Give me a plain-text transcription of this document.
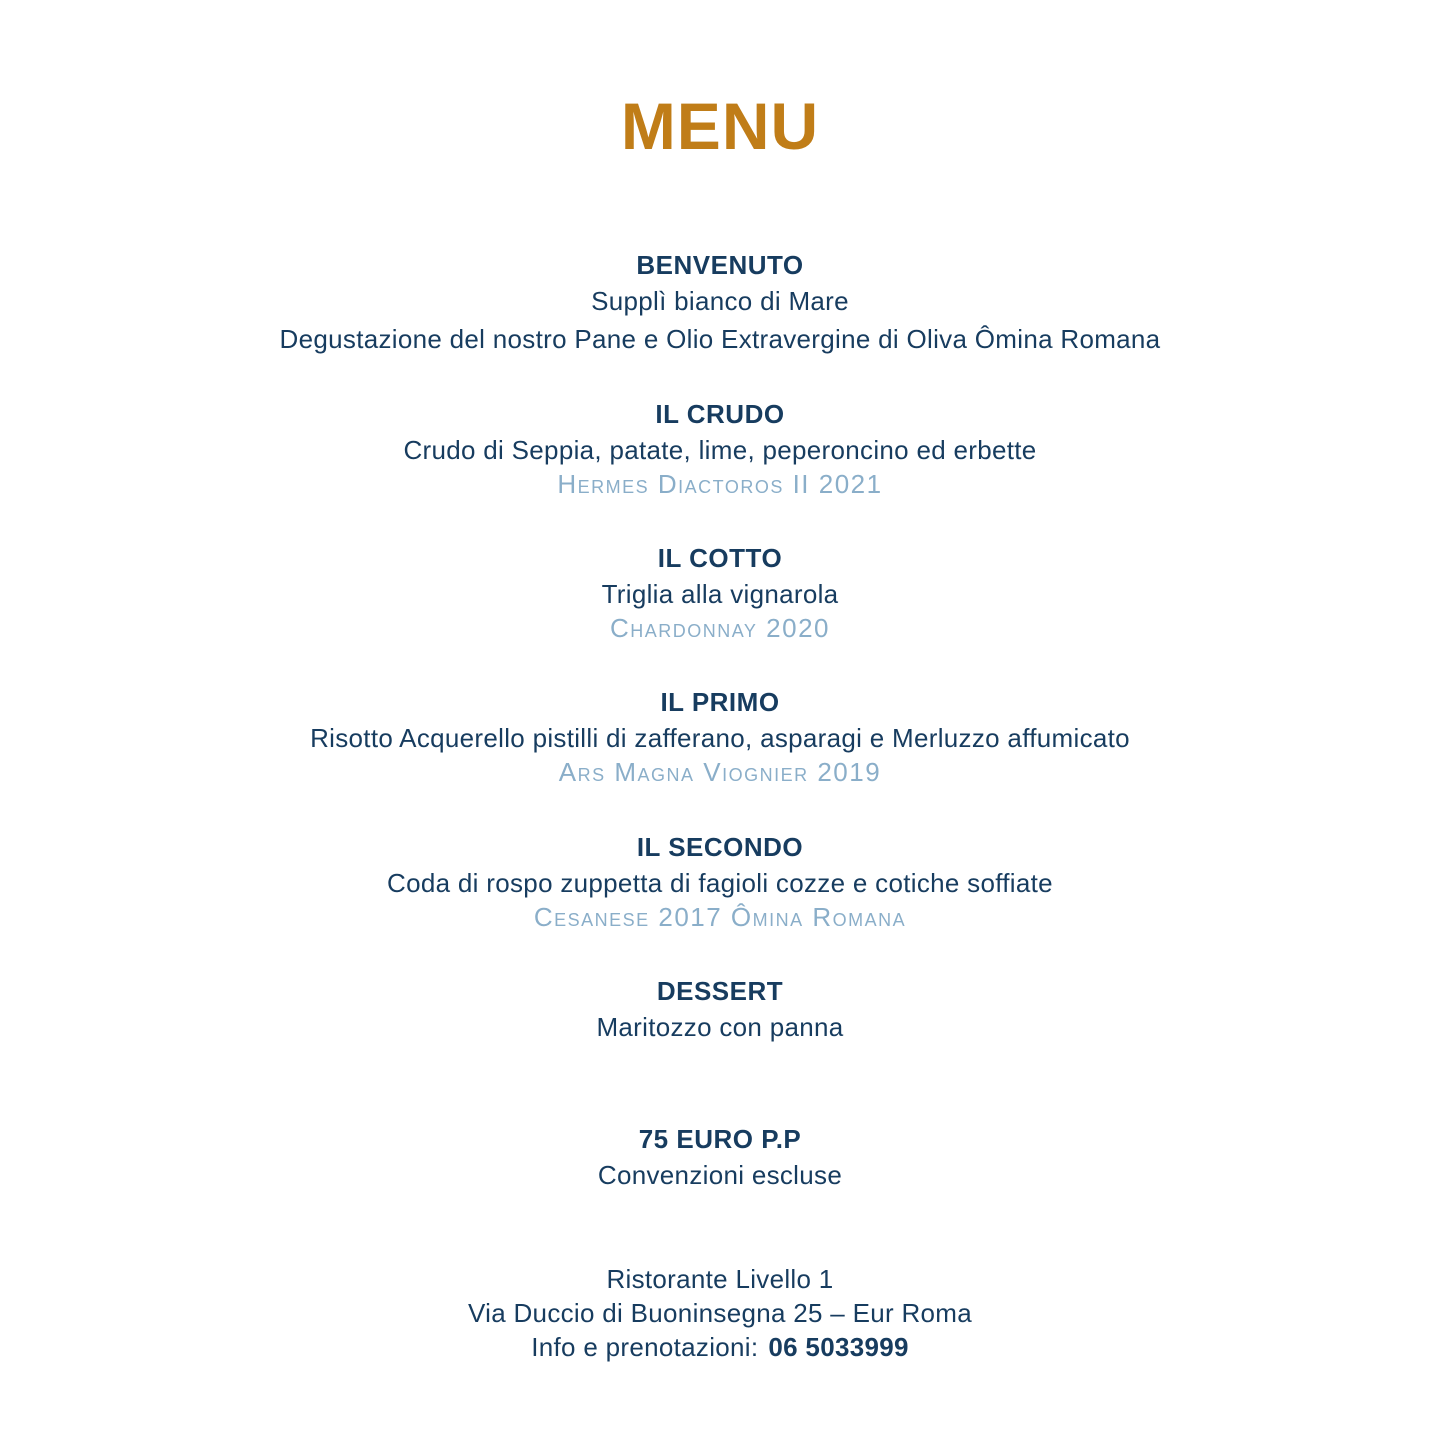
MENU
BENVENUTO
Supplì bianco di Mare
Degustazione del nostro Pane e Olio Extravergine di Oliva Ômina Romana
IL CRUDO
Crudo di Seppia, patate, lime, peperoncino ed erbette
Hermes Diactoros II 2021
IL COTTO
Triglia alla vignarola
Chardonnay 2020
IL PRIMO
Risotto Acquerello pistilli di zafferano, asparagi e Merluzzo affumicato
Ars Magna Viognier 2019
IL SECONDO
Coda di rospo zuppetta di fagioli cozze e cotiche soffiate
Cesanese 2017 Ômina Romana
DESSERT
Maritozzo con panna
75 EURO P.P
Convenzioni escluse
Ristorante Livello 1
Via Duccio di Buoninsegna 25 – Eur Roma
Info e prenotazioni: 06 5033999
